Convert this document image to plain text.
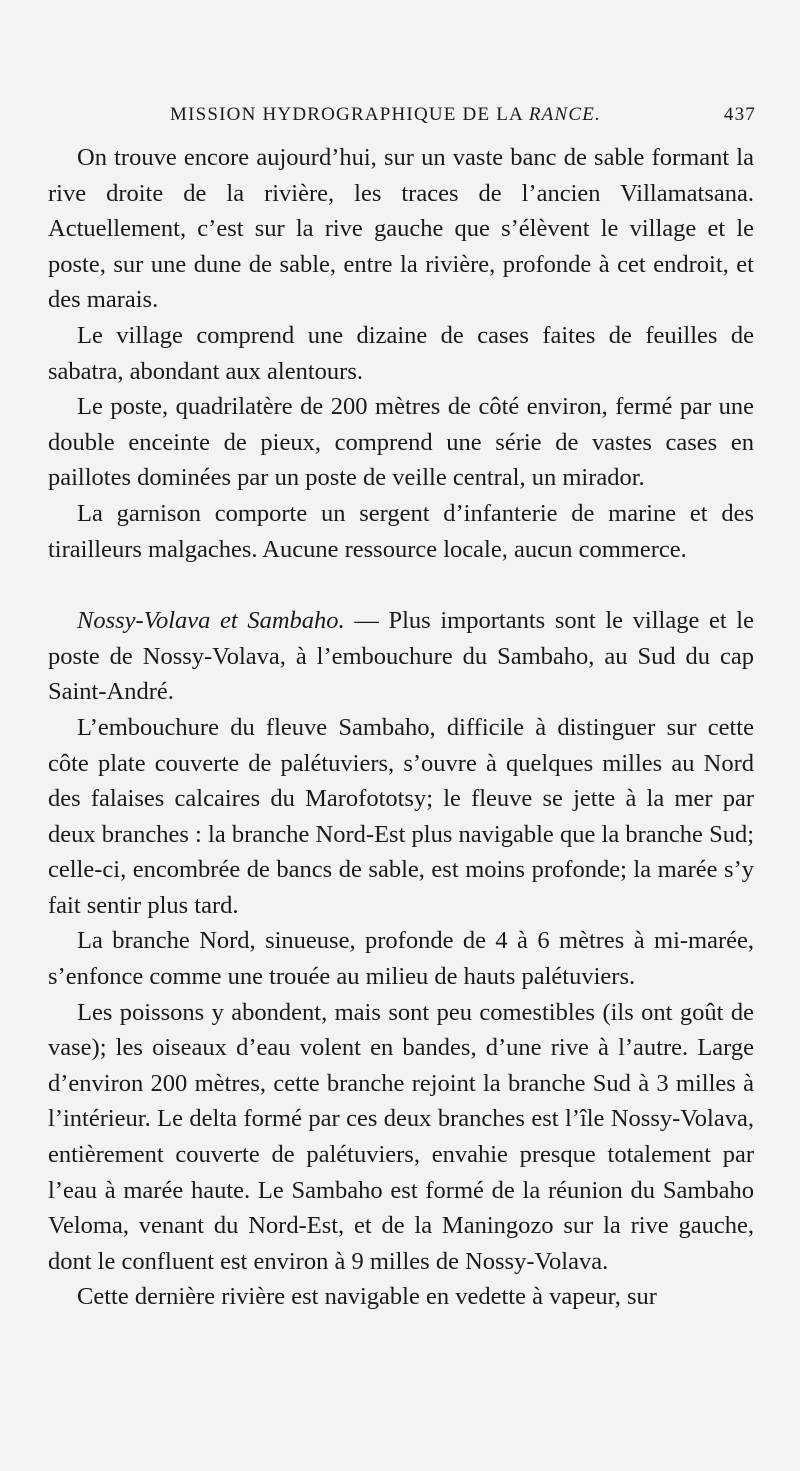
MISSION HYDROGRAPHIQUE DE LA RANCE.	437

On trouve encore aujourd’hui, sur un vaste banc de sable formant la rive droite de la rivière, les traces de l’ancien Villamatsana. Actuellement, c’est sur la rive gauche que s’élèvent le village et le poste, sur une dune de sable, entre la rivière, profonde à cet endroit, et des marais.

Le village comprend une dizaine de cases faites de feuilles de sabatra, abondant aux alentours.

Le poste, quadrilatère de 200 mètres de côté environ, fermé par une double enceinte de pieux, comprend une série de vastes cases en paillotes dominées par un poste de veille central, un mirador.

La garnison comporte un sergent d’infanterie de marine et des tirailleurs malgaches. Aucune ressource locale, aucun commerce.

Nossy-Volava et Sambaho. — Plus importants sont le village et le poste de Nossy-Volava, à l’embouchure du Sambaho, au Sud du cap Saint-André.

L’embouchure du fleuve Sambaho, difficile à distinguer sur cette côte plate couverte de palétuviers, s’ouvre à quelques milles au Nord des falaises calcaires du Marofototsy; le fleuve se jette à la mer par deux branches : la branche Nord-Est plus navigable que la branche Sud; celle-ci, encombrée de bancs de sable, est moins profonde; la marée s’y fait sentir plus tard.

La branche Nord, sinueuse, profonde de 4 à 6 mètres à mi-marée, s’enfonce comme une trouée au milieu de hauts palétuviers.

Les poissons y abondent, mais sont peu comestibles (ils ont goût de vase); les oiseaux d’eau volent en bandes, d’une rive à l’autre. Large d’environ 200 mètres, cette branche rejoint la branche Sud à 3 milles à l’intérieur. Le delta formé par ces deux branches est l’île Nossy-Volava, entièrement couverte de palétuviers, envahie presque totalement par l’eau à marée haute. Le Sambaho est formé de la réunion du Sambaho Veloma, venant du Nord-Est, et de la Maningozo sur la rive gauche, dont le confluent est environ à 9 milles de Nossy-Volava.

Cette dernière rivière est navigable en vedette à vapeur, sur
